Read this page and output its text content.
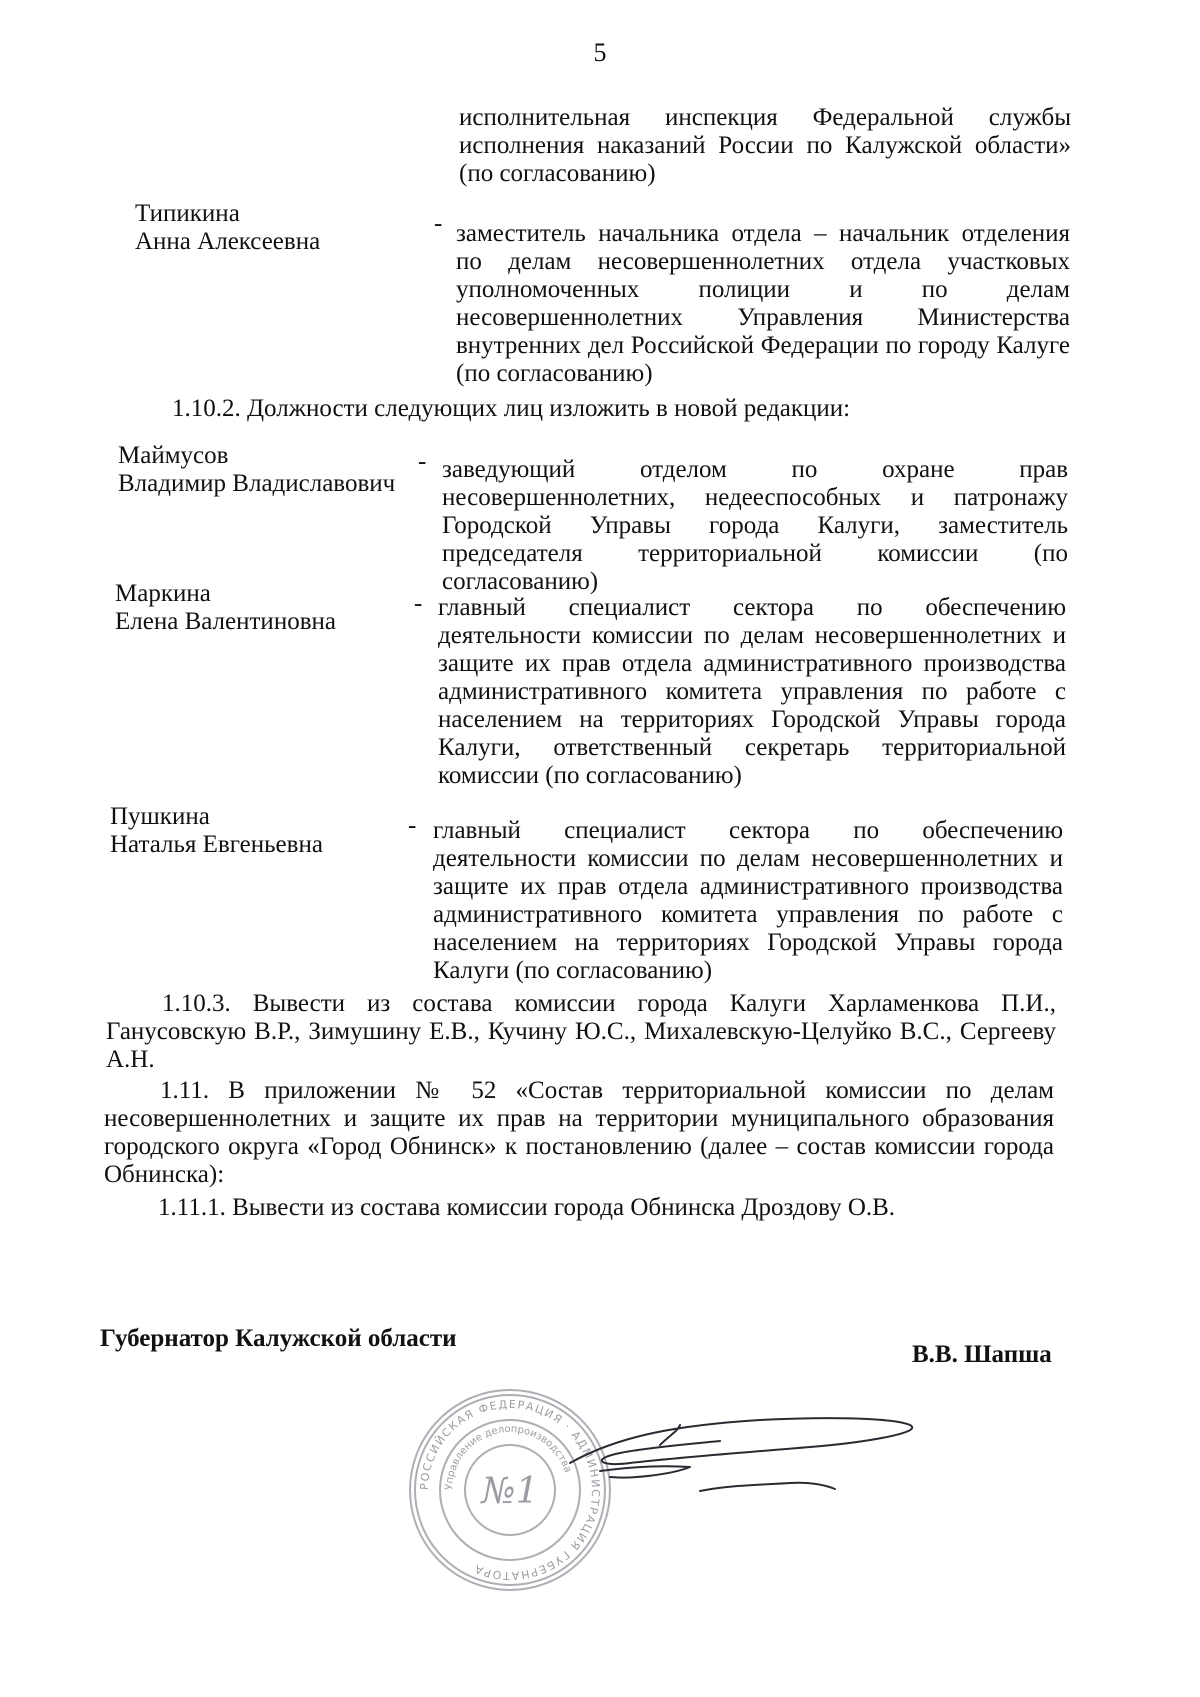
5
исполнительная инспекция Федеральной службы исполнения наказаний России по Калужской области» (по согласованию)
Типикина
Анна Алексеевна
- заместитель начальника отдела – начальник отделения по делам несовершеннолетних отдела участковых уполномоченных полиции и по делам несовершеннолетних Управления Министерства внутренних дел Российской Федерации по городу Калуге (по согласованию)
1.10.2. Должности следующих лиц изложить в новой редакции:
Маймусов
Владимир Владиславович
- заведующий отделом по охране прав несовершеннолетних, недееспособных и патронажу Городской Управы города Калуги, заместитель председателя территориальной комиссии (по согласованию)
Маркина
Елена Валентиновна
- главный специалист сектора по обеспечению деятельности комиссии по делам несовершеннолетних и защите их прав отдела административного производства административного комитета управления по работе с населением на территориях Городской Управы города Калуги, ответственный секретарь территориальной комиссии (по согласованию)
Пушкина
Наталья Евгеньевна
- главный специалист сектора по обеспечению деятельности комиссии по делам несовершеннолетних и защите их прав отдела административного производства административного комитета управления по работе с населением на территориях Городской Управы города Калуги (по согласованию)
1.10.3. Вывести из состава комиссии города Калуги Харламенкова П.И., Ганусовскую В.Р., Зимушину Е.В., Кучину Ю.С., Михалевскую-Целуйко В.С., Сергееву А.Н.
1.11. В приложении № 52 «Состав территориальной комиссии по делам несовершеннолетних и защите их прав на территории муниципального образования городского округа «Город Обнинск» к постановлению (далее – состав комиссии города Обнинска):
1.11.1. Вывести из состава комиссии города Обнинска Дроздову О.В.
РОССИЙСКАЯ ФЕДЕРАЦИЯ · АДМИНИСТРАЦИЯ ГУБЕРНАТОРА
Управление делопроизводства
№1
Губернатор Калужской области
В.В. Шапша
